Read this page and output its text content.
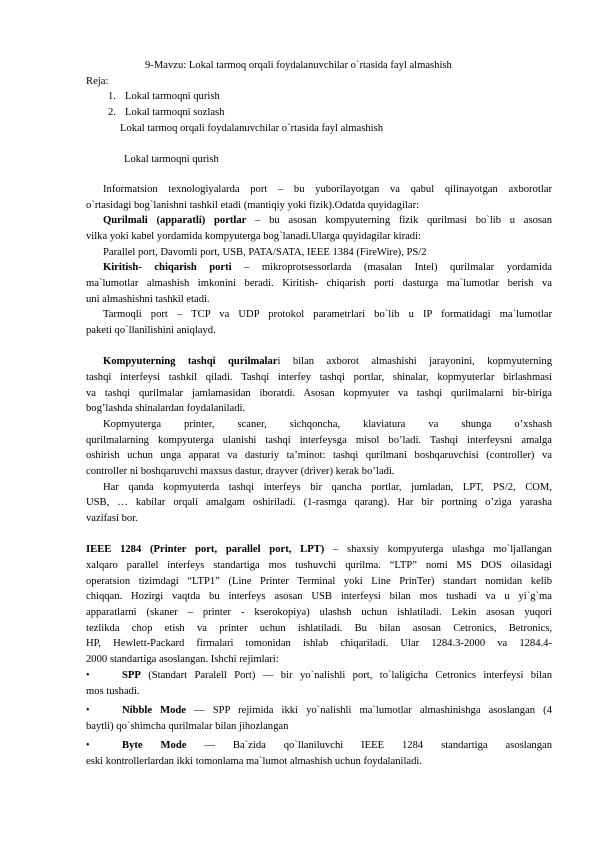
9-Mavzu: Lokal tarmoq orqali foydalanuvchilar o`rtasida fayl almashish
Reja:
1. Lokal tarmoqni qurish
2. Lokal tarmoqni sozlash
Lokal tarmoq orqali foydalanuvchilar o`rtasida fayl almashish
Lokal tarmoqni qurish
Informatsion texnologiyalarda port – bu yuborilayotgan va qabul qilinayotgan axborotlar
o`rtasidagi bog`lanishni tashkil etadi (mantiqiy yoki fizik).Odatda quyidagilar:
Qurilmali (apparatli) portlar – bu asosan kompyuterning fizik qurilmasi bo`lib u asosan
vilka yoki kabel yordamida kompyuterga bog`lanadi.Ularga quyidagilar kiradi:
Parallel port, Davomli port, USB, PATA/SATA, IEEE 1384 (FireWire), PS/2
Kiritish- chiqarish porti – mikroprotsessorlarda (masalan Intel) qurilmalar yordamida
ma`lumotlar almashish imkonini beradi. Kiritish- chiqarish porti dasturga ma`lumotlar berish va
uni almashishni tashkil etadi.
Tarmoqli port – TCP va UDP protokol parametrlari bo`lib u IP formatidagi ma`lumotlar
paketi qo`llanilishini aniqlayd.
Kompyuterning tashqi qurilmalari bilan axborot almashishi jarayonini, kopmyuterning
tashqi interfeysi tashkil qiladi. Tashqi interfey tashqi portlar, shinalar, kopmyuterlar birlashmasi
va tashqi qurilmalar jamlamasidan iboratdi. Asosan kopmyuter va tashqi qurilmalarni bir-biriga
bog’lashda shinalardan foydalaniladi.
Kopmyuterga printer, scaner, sichqoncha, klaviatura va shunga o’xshash
qurilmalarning kompyuterga ulanishi tashqi interfeysga misol bo’ladi. Tashqi interfeysni amalga
oshirish uchun unga apparat va dasturiy ta’minot: tashqi qurilmani boshqaruvchisi (controller) va
controller ni boshqaruvchi maxsus dastur, drayver (driver) kerak bo’ladi.
Har qanda kopmyuterda tashqi interfeys bir qancha portlar, jumladan, LPT, PS/2, COM,
USB, … kabilar orqali amalgam oshiriladi. (1-rasmga qarang). Har bir portning o’ziga yarasha
vazifasi bor.
IEEE 1284 (Printer port, parallel port, LPT) – shaxsiy kompyuterga ulashga mo`ljallangan
xalqaro parallel interfeys standartiga mos tushuvchi qurilma. “LTP” nomi MS DOS oilasidagi
operatsion tizimdagi “LTP1” (Line Printer Terminal yoki Line PrinTer) standart nomidan kelib
chiqqan. Hozirgi vaqtda bu interfeys asosan USB interfeysi bilan mos tushadi va u yi`g`ma
apparatlarni (skaner – printer - kserokopiya) ulashsh uchun ishlatiladi. Lekin asosan yuqori
tezlikda chop etish va printer uchun ishlatiladi. Bu bilan asosan Cetronics, Betronics,
HP, Hewlett-Packard firmalari tomonidan ishlab chiqariladi. Ular 1284.3-2000 va 1284.4-
2000 standartiga asoslangan. Ishchi rejimlari:
•	SPP (Standart Paralell Port) — bir yo`nalishli port, to`laligicha Cetronics interfeysi bilan
mos tushadi.
•	Nibble Mode — SPP rejimida ikki yo`nalishli ma`lumotlar almashinishga asoslangan (4
baytli) qo`shimcha qurilmalar bilan jihozlangan
•	Byte Mode — Ba`zida qo`llaniluvchi IEEE 1284 standartiga asoslangan
eski kontrollerlardan ikki tomonlama ma`lumot almashish uchun foydalaniladi.
